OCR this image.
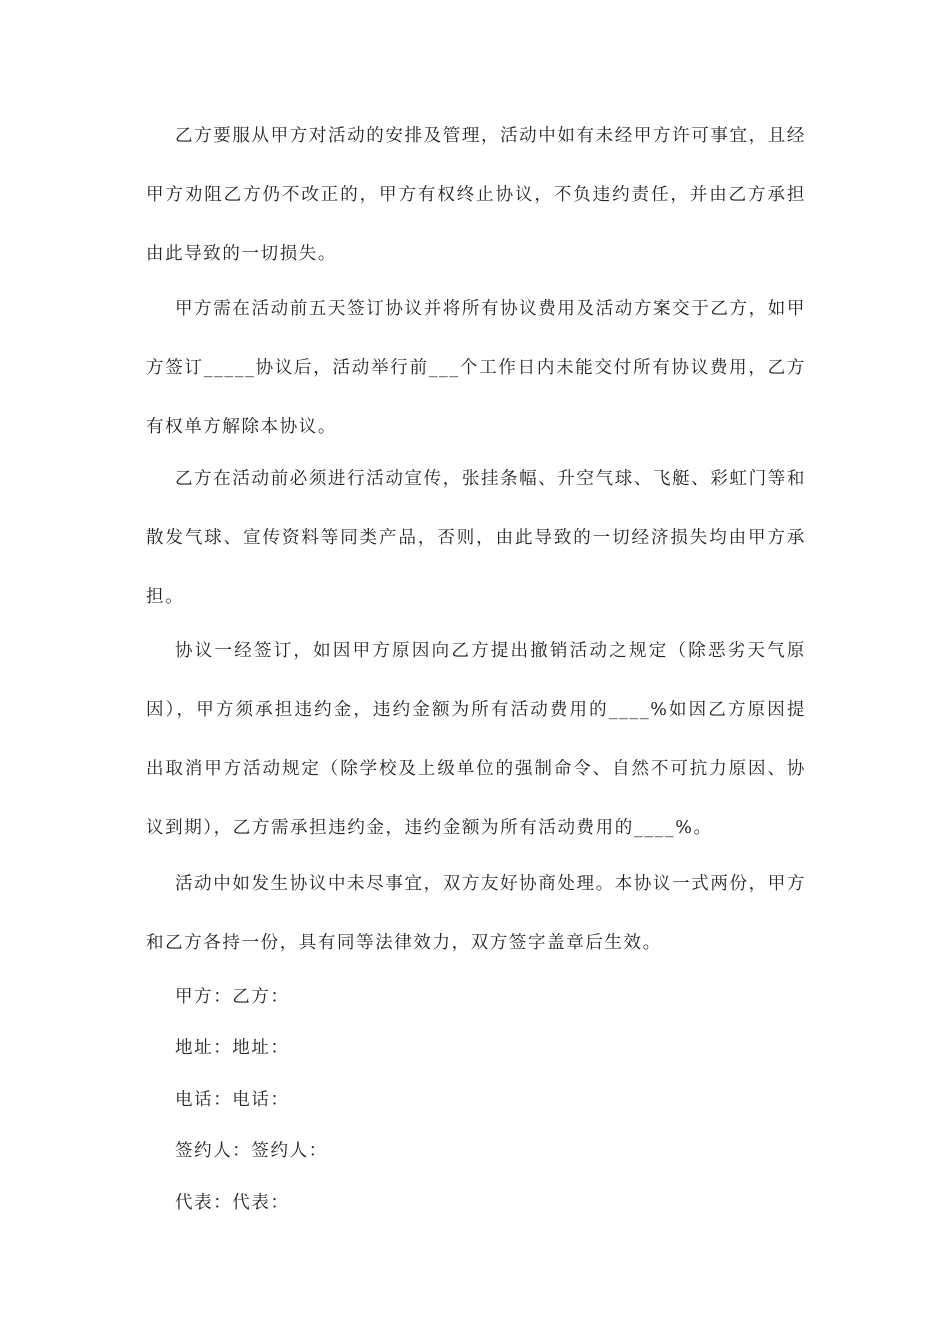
乙方要服从甲方对活动的安排及管理，活动中如有未经甲方许可事宜，且经甲方劝阻乙方仍不改正的，甲方有权终止协议，不负违约责任，并由乙方承担由此导致的一切损失。

甲方需在活动前五天签订协议并将所有协议费用及活动方案交于乙方，如甲方签订_____协议后，活动举行前___个工作日内未能交付所有协议费用，乙方有权单方解除本协议。

乙方在活动前必须进行活动宣传，张挂条幅、升空气球、飞艇、彩虹门等和散发气球、宣传资料等同类产品，否则，由此导致的一切经济损失均由甲方承担。

协议一经签订，如因甲方原因向乙方提出撤销活动之规定（除恶劣天气原因），甲方须承担违约金，违约金额为所有活动费用的____%如因乙方原因提出取消甲方活动规定（除学校及上级单位的强制命令、自然不可抗力原因、协议到期），乙方需承担违约金，违约金额为所有活动费用的____%。

活动中如发生协议中未尽事宜，双方友好协商处理。本协议一式两份，甲方和乙方各持一份，具有同等法律效力，双方签字盖章后生效。

甲方：乙方：

地址：地址：

电话：电话：

签约人：签约人：

代表：代表：
